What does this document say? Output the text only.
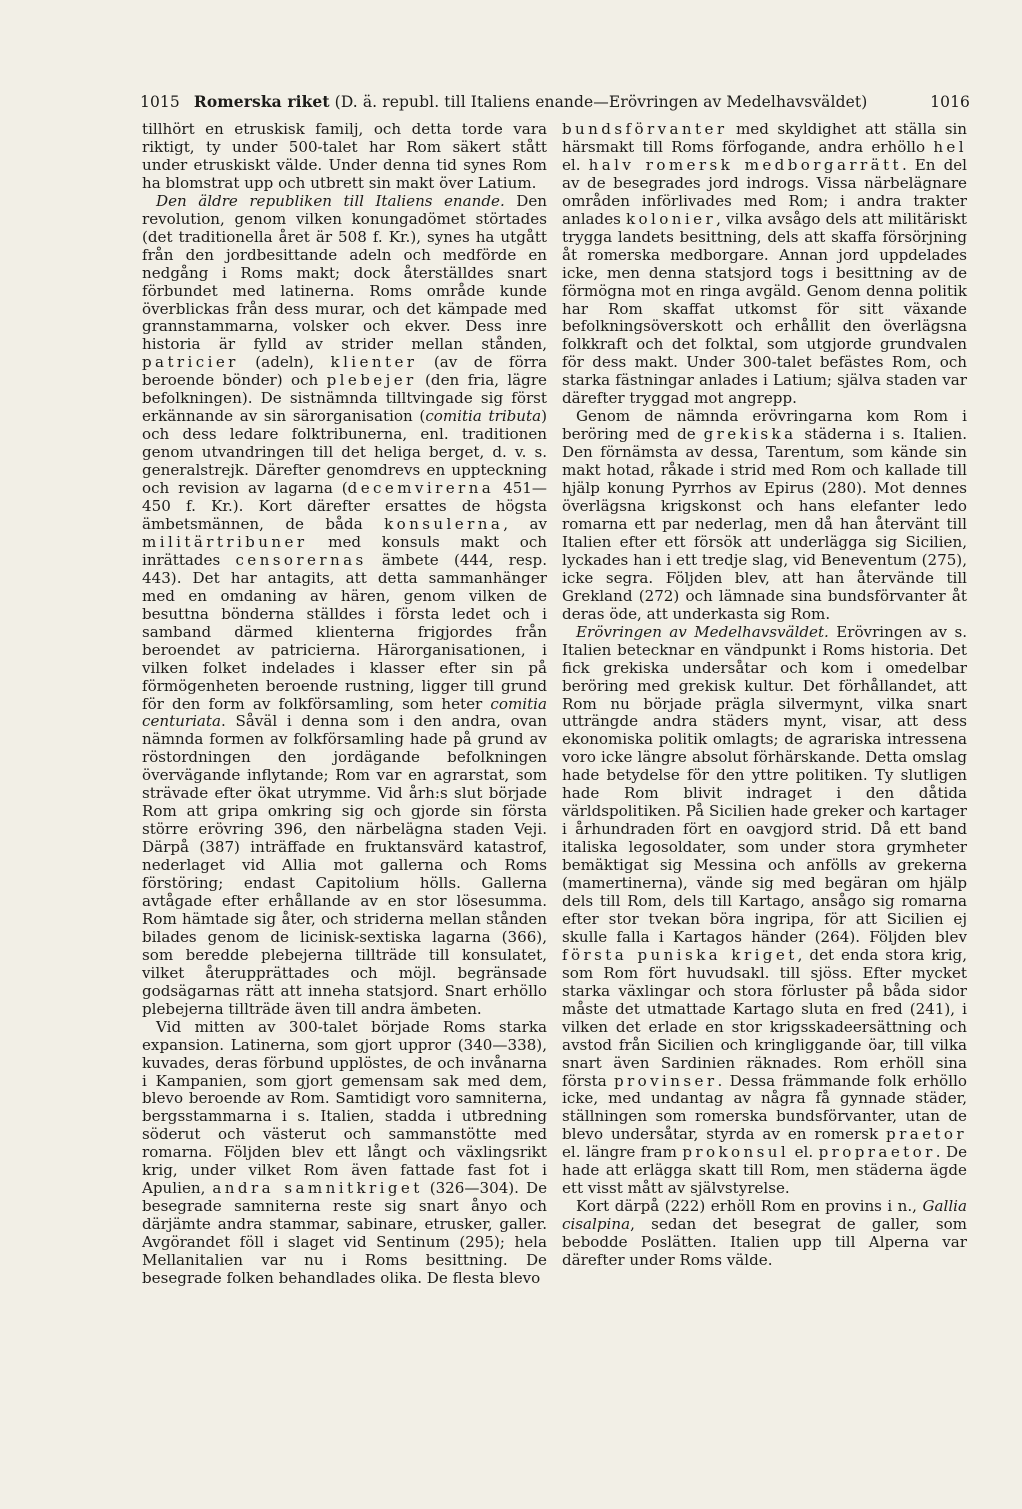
1015 Romerska riket (D. ä. republ. till Italiens enande—Erövringen av Medelhavsväldet)	1016

tillhört en etruskisk familj, och detta torde vara riktigt, ty under 500-talet har Rom säkert stått under etruskiskt välde. Under denna tid synes Rom ha blomstrat upp och utbrett sin makt över Latium.

Den äldre republiken till Italiens enande. Den revolution, genom vilken konungadömet störtades (det traditionella året är 508 f. Kr.), synes ha utgått från den jordbesittande adeln och medförde en nedgång i Roms makt; dock återställdes snart förbundet med latinerna. Roms område kunde överblickas från dess murar, och det kämpade med grannstammarna, volsker och ekver. Dess inre historia är fylld av strider mellan stånden, patricier (adeln), klienter (av de förra beroende bönder) och plebejer (den fria, lägre befolkningen). De sistnämnda tilltvingade sig först erkännande av sin särorganisation (comitia tributa) och dess ledare folktribunerna, enl. traditionen genom utvandringen till det heliga berget, d. v. s. generalstrejk. Därefter genomdrevs en uppteckning och revision av lagarna (decemvirerna 451—450 f. Kr.). Kort därefter ersattes de högsta ämbetsmännen, de båda konsulerna, av militärtribuner med konsuls makt och inrättades censorernas ämbete (444, resp. 443). Det har antagits, att detta sammanhänger med en omdaning av hären, genom vilken de besuttna bönderna ställdes i första ledet och i samband därmed klienterna frigjordes från beroendet av patricierna. Härorganisationen, i vilken folket indelades i klasser efter sin på förmögenheten beroende rustning, ligger till grund för den form av folkförsamling, som heter comitia centuriata. Såväl i denna som i den andra, ovan nämnda formen av folkförsamling hade på grund av röstordningen den jordägande befolkningen övervägande inflytande; Rom var en agrarstat, som strävade efter ökat utrymme. Vid årh:s slut började Rom att gripa omkring sig och gjorde sin första större erövring 396, den närbelägna staden Veji. Därpå (387) inträffade en fruktansvärd katastrof, nederlaget vid Allia mot gallerna och Roms förstöring; endast Capitolium hölls. Gallerna avtågade efter erhållande av en stor lösesumma. Rom hämtade sig åter, och striderna mellan stånden bilades genom de licinisk-sextiska lagarna (366), som beredde plebejerna tillträde till konsulatet, vilket återupprättades och möjl. begränsade godsägarnas rätt att inneha statsjord. Snart erhöllo plebejerna tillträde även till andra ämbeten.

Vid mitten av 300-talet började Roms starka expansion. Latinerna, som gjort uppror (340—338), kuvades, deras förbund upplöstes, de och invånarna i Kampanien, som gjort gemensam sak med dem, blevo beroende av Rom. Samtidigt voro samniterna, bergsstammarna i s. Italien, stadda i utbredning söderut och västerut och sammanstötte med romarna. Följden blev ett långt och växlingsrikt krig, under vilket Rom även fattade fast fot i Apulien, andra samnitkriget (326—304). De besegrade samniterna reste sig snart ånyo och därjämte andra stammar, sabinare, etrusker, galler. Avgörandet föll i slaget vid Sentinum (295); hela Mellanitalien var nu i Roms besittning. De besegrade folken behandlades olika. De flesta blevo

bundsförvanter med skyldighet att ställa sin härsmakt till Roms förfogande, andra erhöllo hel el. halv romersk medborgarrätt. En del av de besegrades jord indrogs. Vissa närbelägnare områden införlivades med Rom; i andra trakter anlades kolonier, vilka avsågo dels att militäriskt trygga landets besittning, dels att skaffa försörjning åt romerska medborgare. Annan jord uppdelades icke, men denna statsjord togs i besittning av de förmögna mot en ringa avgäld. Genom denna politik har Rom skaffat utkomst för sitt växande befolkningsöverskott och erhållit den överlägsna folkkraft och det folktal, som utgjorde grundvalen för dess makt. Under 300-talet befästes Rom, och starka fästningar anlades i Latium; själva staden var därefter tryggad mot angrepp.

Genom de nämnda erövringarna kom Rom i beröring med de grekiska städerna i s. Italien. Den förnämsta av dessa, Tarentum, som kände sin makt hotad, råkade i strid med Rom och kallade till hjälp konung Pyrrhos av Epirus (280). Mot dennes överlägsna krigskonst och hans elefanter ledo romarna ett par nederlag, men då han återvänt till Italien efter ett försök att underlägga sig Sicilien, lyckades han i ett tredje slag, vid Beneventum (275), icke segra. Följden blev, att han återvände till Grekland (272) och lämnade sina bundsförvanter åt deras öde, att underkasta sig Rom.

Erövringen av Medelhavsväldet. Erövringen av s. Italien betecknar en vändpunkt i Roms historia. Det fick grekiska undersåtar och kom i omedelbar beröring med grekisk kultur. Det förhållandet, att Rom nu började prägla silvermynt, vilka snart utträngde andra städers mynt, visar, att dess ekonomiska politik omlagts; de agrariska intressena voro icke längre absolut förhärskande. Detta omslag hade betydelse för den yttre politiken. Ty slutligen hade Rom blivit indraget i den dåtida världspolitiken. På Sicilien hade greker och kartager i århundraden fört en oavgjord strid. Då ett band italiska legosoldater, som under stora grymheter bemäktigat sig Messina och anfölls av grekerna (mamertinerna), vände sig med begäran om hjälp dels till Rom, dels till Kartago, ansågo sig romarna efter stor tvekan böra ingripa, för att Sicilien ej skulle falla i Kartagos händer (264). Följden blev första puniska kriget, det enda stora krig, som Rom fört huvudsakl. till sjöss. Efter mycket starka växlingar och stora förluster på båda sidor måste det utmattade Kartago sluta en fred (241), i vilken det erlade en stor krigsskadeersättning och avstod från Sicilien och kringliggande öar, till vilka snart även Sardinien räknades. Rom erhöll sina första provinser. Dessa främmande folk erhöllo icke, med undantag av några få gynnade städer, ställningen som romerska bundsförvanter, utan de blevo undersåtar, styrda av en romersk praetor el. längre fram prokonsul el. propraetor. De hade att erlägga skatt till Rom, men städerna ägde ett visst mått av självstyrelse.

Kort därpå (222) erhöll Rom en provins i n., Gallia cisalpina, sedan det besegrat de galler, som bebodde Poslätten. Italien upp till Alperna var därefter under Roms välde.
